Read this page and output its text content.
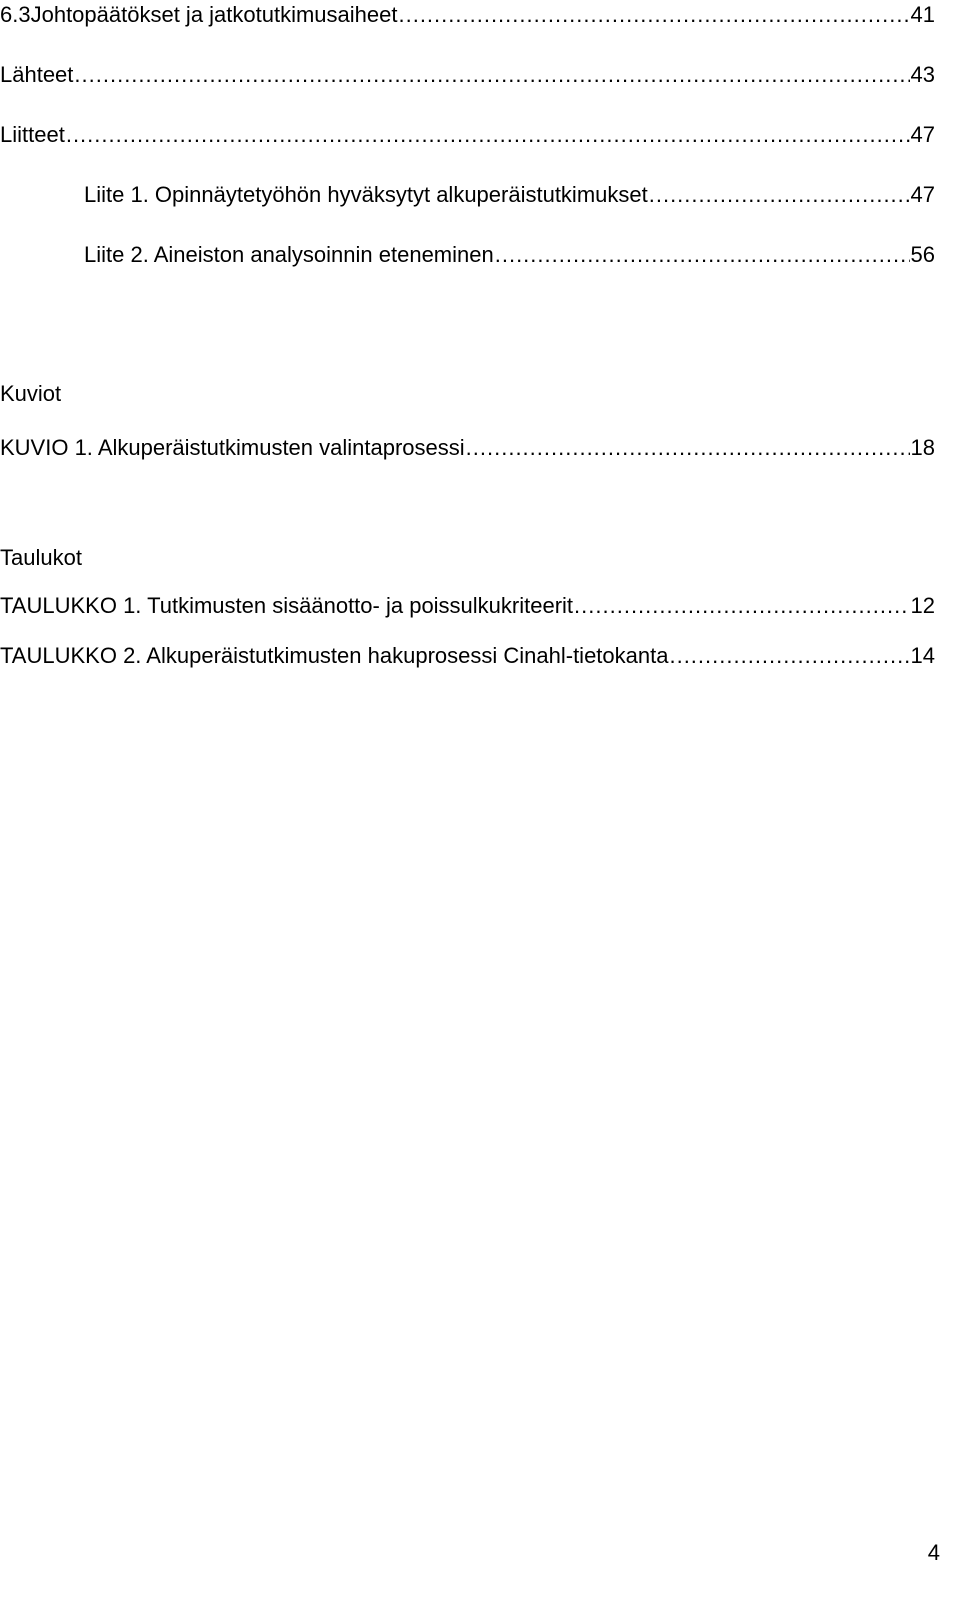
6.3 Johtopäätökset ja jatkotutkimusaiheet .....	41
Lähteet .....	43
Liitteet .....	47
Liite 1. Opinnäytetyöhön hyväksytyt alkuperäistutkimukset .....	47
Liite 2. Aineiston analysoinnin eteneminen .....	56
Kuviot
KUVIO 1. Alkuperäistutkimusten valintaprosessi .....	18
Taulukot
TAULUKKO 1. Tutkimusten sisäänotto- ja poissulkukriteerit .....	12
TAULUKKO 2. Alkuperäistutkimusten hakuprosessi Cinahl-tietokanta .....	14
4
